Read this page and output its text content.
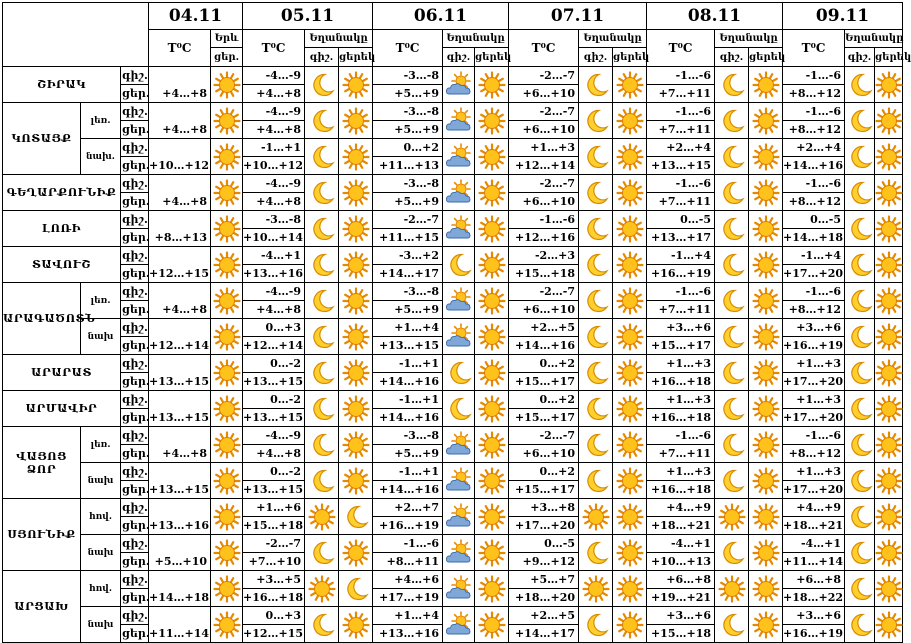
			04.11		05.11			06.11			07.11			08.11			09.11		
			T⁰C	Երև	T⁰C	Եղանակը		T⁰C	Եղանակը		T⁰C	Եղանակը		T⁰C	Եղանակը		T⁰C	Եղանակը	
				ցեր.		գիշ.	ցերեկ		գիշ.	ցերեկ		գիշ.	ցերեկ		գիշ.	ցերեկ		գիշ.	ցերեկ
ՇԻՐԱԿ		գիշ.	+4…+8		-4…-9			-3…-8			-2…-7			-1…-6			-1…-6	

		ցեր.			+4…+8			+5…+9			+6…+10			+7…+11			+8…+12		
ԿՈՏԱՅՔ	լեռ.	գիշ.	+4…+8		-4…-9			-3…-8			-2…-7			-1…-6			-1…-6	

		ցեր.			+4…+8			+5…+9			+6…+10			+7…+11			+8…+12		
	նախ.	գիշ.	+10…+12		-1…+1			0…+2			+1…+3			+2…+4			+2…+4	

		ցեր.			+10…+12			+11…+13			+12…+14			+13…+15			+14…+16		
ԳԵՂԱՐՔՈՒՆԻՔ		գիշ.	+4…+8		-4…-9			-3…-8			-2…-7			-1…-6			-1…-6	

		ցեր.			+4…+8			+5…+9			+6…+10			+7…+11			+8…+12		
ԼՈՌԻ		գիշ.	+8…+13		-3…-8			-2…-7			-1…-6			0…-5			0…-5	

		ցեր.			+10…+14			+11…+15			+12…+16			+13…+17			+14…+18		
ՏԱՎՈՒՇ		գիշ.	+12…+15		-4…+1			-3…+2			-2…+3			-1…+4			-1…+4	

		ցեր.			+13…+16			+14…+17			+15…+18			+16…+19			+17…+20		
ԱՐԱԳԱԾՈՏՆ	լեռ.	գիշ.	+4…+8		-4…-9			-3…-8			-2…-7			-1…-6			-1…-6	

		ցեր.			+4…+8			+5…+9			+6…+10			+7…+11			+8…+12		
	նախ	գիշ.	+12…+14		0…+3			+1…+4			+2…+5			+3…+6			+3…+6	

		ցեր.			+12…+14			+13…+15			+14…+16			+15…+17			+16…+19		
ԱՐԱՐԱՏ		գիշ.	+13…+15		0…-2			-1…+1			0…+2			+1…+3			+1…+3	

		ցեր.			+13…+15			+14…+16			+15…+17			+16…+18			+17…+20		
ԱՐՄԱՎԻՐ		գիշ.	+13…+15		0…-2			-1…+1			0…+2			+1…+3			+1…+3	

		ցեր.			+13…+15			+14…+16			+15…+17			+16…+18			+17…+20		
ՎԱՅՈՑ ՁՈՐ	լեռ.	գիշ.	+4…+8		-4…-9			-3…-8			-2…-7			-1…-6			-1…-6	

		ցեր.			+4…+8			+5…+9			+6…+10			+7…+11			+8…+12		
	նախ	գիշ.	+13…+15		0…-2			-1…+1			0…+2			+1…+3			+1…+3	

		ցեր.			+13…+15			+14…+16			+15…+17			+16…+18			+17…+20		
ՍՅՈՒՆԻՔ	հով.	գիշ.	+13…+16		+1…+6			+2…+7			+3…+8			+4…+9			+4…+9	

		ցեր.			+15…+18			+16…+19			+17…+20			+18…+21			+18…+21		
	նախ	գիշ.	+5…+10		-2…-7			-1…-6			0…-5			-4…+1			-4…+1	

		ցեր.			+7…+10			+8…+11			+9…+12			+10…+13			+11…+14		
ԱՐՑԱԽ	հով.	գիշ.	+14…+18		+3…+5			+4…+6			+5…+7			+6…+8			+6…+8	

		ցեր.			+16…+18			+17…+19			+18…+20			+19…+21			+18…+22		
	նախ	գիշ.	+11…+14		0…+3			+1…+4			+2…+5			+3…+6			+3…+6	

		ցեր.			+12…+15			+13…+16			+14…+17			+15…+18			+16…+19		
